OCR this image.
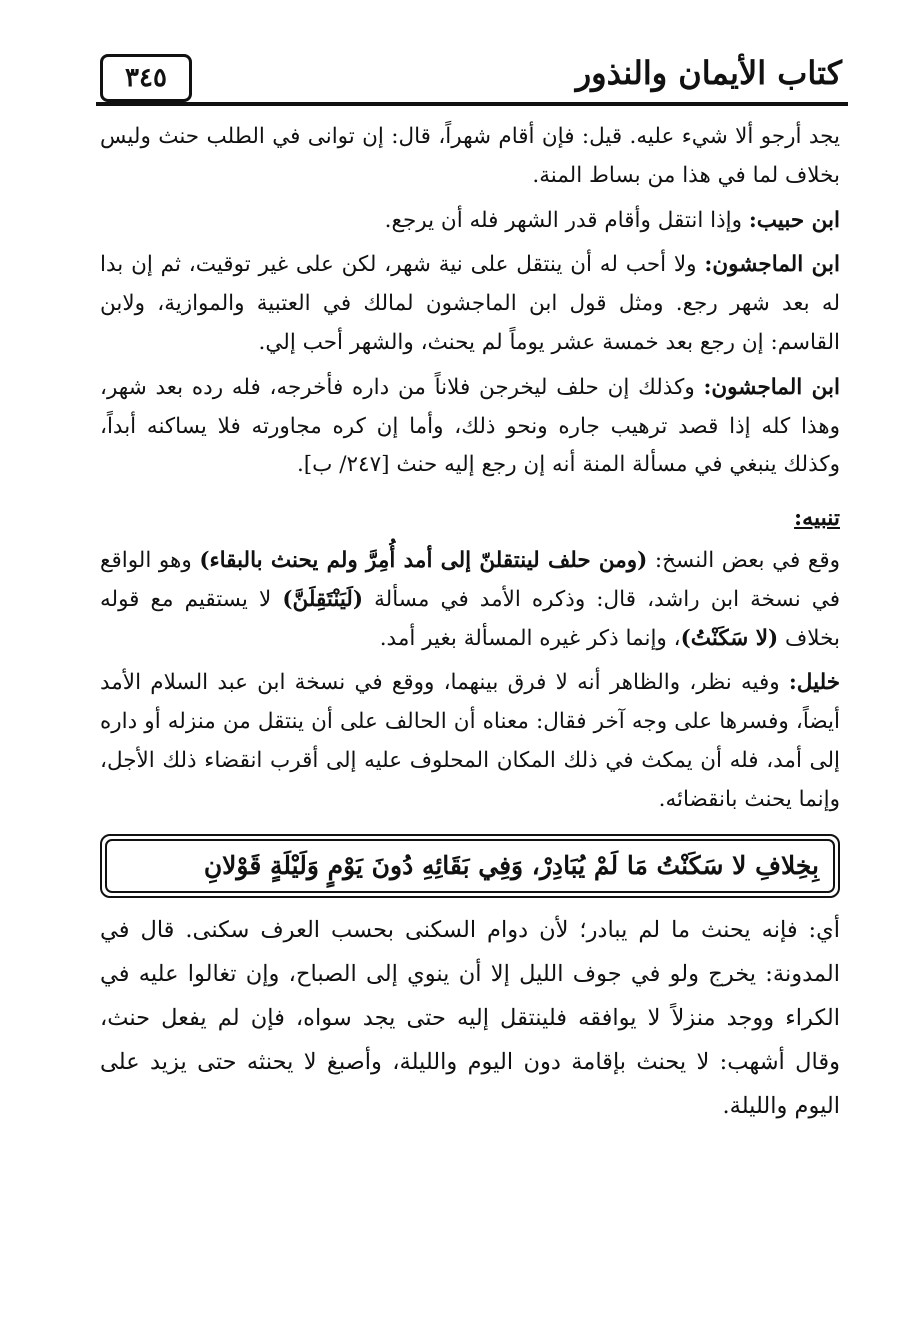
٣٤٥	كتاب الأيمان والنذور

يجد أرجو ألا شيء عليه. قيل: فإن أقام شهراً، قال: إن توانى في الطلب حنث وليس بخلاف لما في هذا من بساط المنة.

ابن حبيب: وإذا انتقل وأقام قدر الشهر فله أن يرجع.

ابن الماجشون: ولا أحب له أن ينتقل على نية شهر، لكن على غير توقيت، ثم إن بدا له بعد شهر رجع. ومثل قول ابن الماجشون لمالك في العتبية والموازية، ولابن القاسم: إن رجع بعد خمسة عشر يوماً لم يحنث، والشهر أحب إلي.

ابن الماجشون: وكذلك إن حلف ليخرجن فلاناً من داره فأخرجه، فله رده بعد شهر، وهذا كله إذا قصد ترهيب جاره ونحو ذلك، وأما إن كره مجاورته فلا يساكنه أبداً، وكذلك ينبغي في مسألة المنة أنه إن رجع إليه حنث [٢٤٧/ ب].

تنبيه:

وقع في بعض النسخ: (ومن حلف لينتقلنّ إلى أمد أُمِرَّ ولم يحنث بالبقاء) وهو الواقع في نسخة ابن راشد، قال: وذكره الأمد في مسألة (لَيَنْتَقِلَنَّ) لا يستقيم مع قوله بخلاف (لا سَكَنْتُ)، وإنما ذكر غيره المسألة بغير أمد.

خليل: وفيه نظر، والظاهر أنه لا فرق بينهما، ووقع في نسخة ابن عبد السلام الأمد أيضاً، وفسرها على وجه آخر فقال: معناه أن الحالف على أن ينتقل من منزله أو داره إلى أمد، فله أن يمكث في ذلك المكان المحلوف عليه إلى أقرب انقضاء ذلك الأجل، وإنما يحنث بانقضائه.

بِخِلافِ لا سَكَنْتُ مَا لَمْ يُبَادِرْ، وَفِي بَقَائِهِ دُونَ يَوْمٍ وَلَيْلَةٍ قَوْلانِ

أي: فإنه يحنث ما لم يبادر؛ لأن دوام السكنى بحسب العرف سكنى. قال في المدونة: يخرج ولو في جوف الليل إلا أن ينوي إلى الصباح، وإن تغالوا عليه في الكراء ووجد منزلاً لا يوافقه فلينتقل إليه حتى يجد سواه، فإن لم يفعل حنث، وقال أشهب: لا يحنث بإقامة دون اليوم والليلة، وأصبغ لا يحنثه حتى يزيد على اليوم والليلة.
